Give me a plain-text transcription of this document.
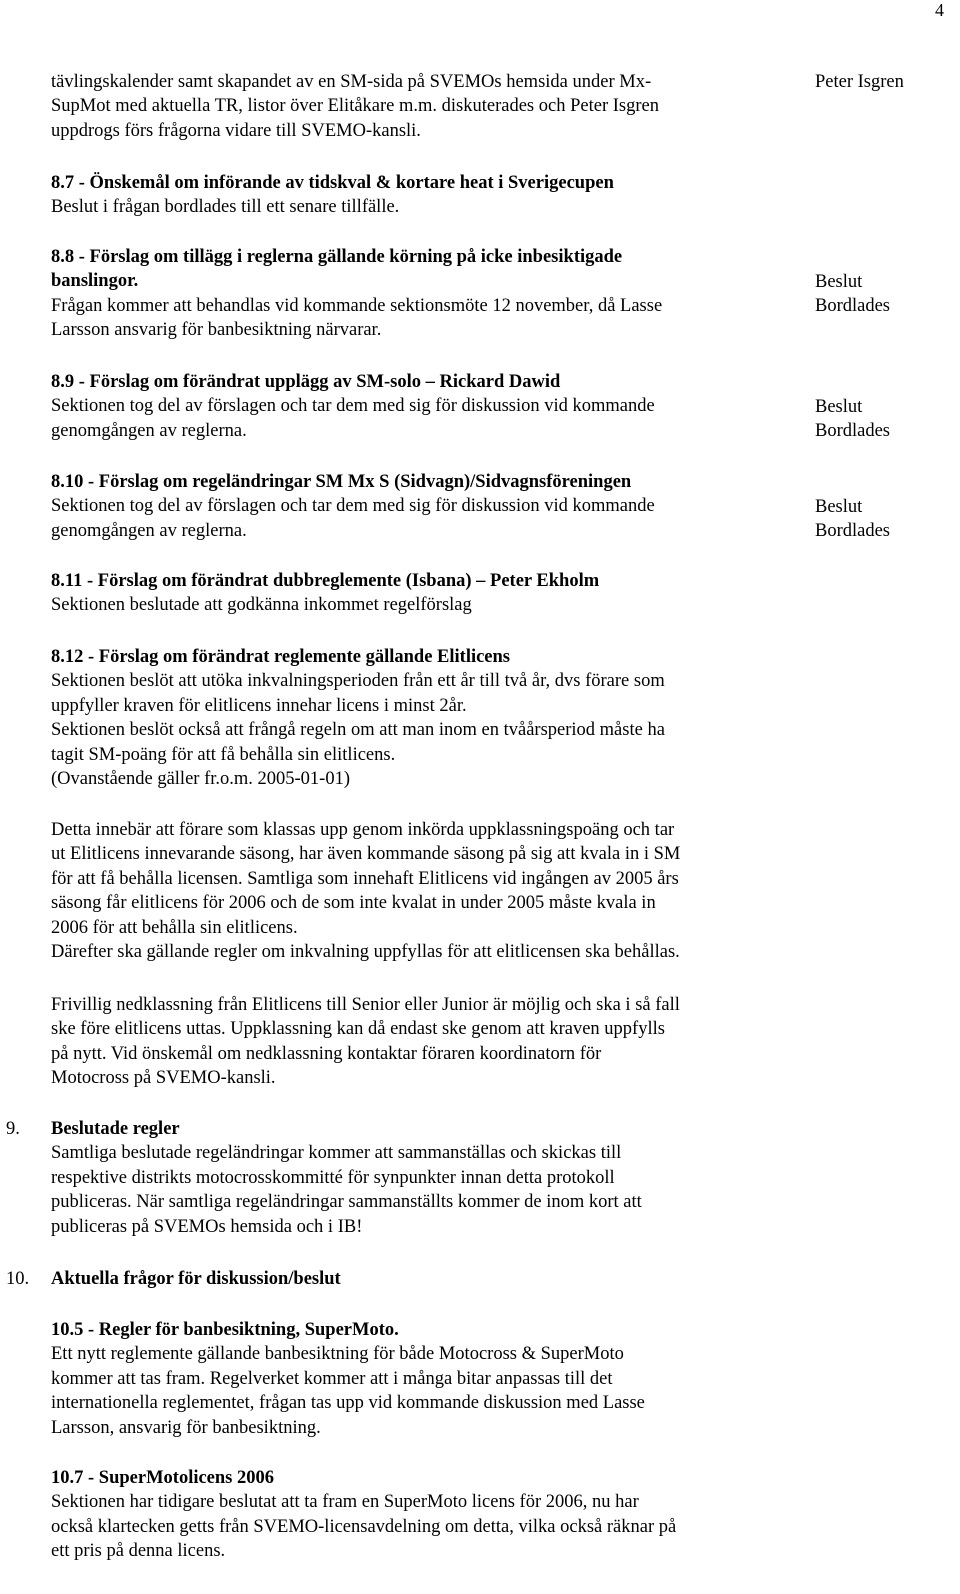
4

tävlingskalender samt skapandet av en SM-sida på SVEMOs hemsida under Mx-

SupMot med aktuella TR, listor över Elitåkare m.m. diskuterades och Peter Isgren

uppdrogs förs frågorna vidare till SVEMO-kansli.

Peter Isgren

8.7 - Önskemål om införande av tidskval & kortare heat i Sverigecupen

Beslut i frågan bordlades till ett senare tillfälle.

8.8 - Förslag om tillägg i reglerna gällande körning på icke inbesiktigade

banslingor.

Frågan kommer att behandlas vid kommande sektionsmöte 12 november, då Lasse

Larsson ansvarig för banbesiktning närvarar.

Beslut

Bordlades

8.9 - Förslag om förändrat upplägg av SM-solo – Rickard Dawid

Sektionen tog del av förslagen och tar dem med sig för diskussion vid kommande

genomgången av reglerna.

Beslut

Bordlades

8.10 - Förslag om regeländringar SM Mx S (Sidvagn)/Sidvagnsföreningen

Sektionen tog del av förslagen och tar dem med sig för diskussion vid kommande

genomgången av reglerna.

Beslut

Bordlades

8.11 - Förslag om förändrat dubbreglemente (Isbana) – Peter Ekholm

Sektionen beslutade att godkänna inkommet regelförslag

8.12 - Förslag om förändrat reglemente gällande Elitlicens

Sektionen beslöt att utöka inkvalningsperioden från ett år till två år, dvs förare som

uppfyller kraven för elitlicens innehar licens i minst 2år.

Sektionen beslöt också att frångå regeln om att man inom en tvåårsperiod måste ha

tagit SM-poäng för att få behålla sin elitlicens.

(Ovanstående gäller fr.o.m. 2005-01-01)

Detta innebär att förare som klassas upp genom inkörda uppklassningspoäng och tar

ut Elitlicens innevarande säsong, har även kommande säsong på sig att kvala in i SM

för att få behålla licensen. Samtliga som innehaft Elitlicens vid ingången av 2005 års

säsong får elitlicens för 2006 och de som inte kvalat in under 2005 måste kvala in

2006 för att behålla sin elitlicens.

Därefter ska gällande regler om inkvalning uppfyllas för att elitlicensen ska behållas.

Frivillig nedklassning från Elitlicens till Senior eller Junior är möjlig och ska i så fall

ske före elitlicens uttas. Uppklassning kan då endast ske genom att kraven uppfylls

på nytt. Vid önskemål om nedklassning kontaktar föraren koordinatorn för

Motocross på SVEMO-kansli.

9. Beslutade regler

Samtliga beslutade regeländringar kommer att sammanställas och skickas till

respektive distrikts motocrosskommitté för synpunkter innan detta protokoll

publiceras. När samtliga regeländringar sammanställts kommer de inom kort att

publiceras på SVEMOs hemsida och i IB!

10. Aktuella frågor för diskussion/beslut

10.5 - Regler för banbesiktning, SuperMoto.

Ett nytt reglemente gällande banbesiktning för både Motocross & SuperMoto

kommer att tas fram. Regelverket kommer att i många bitar anpassas till det

internationella reglementet, frågan tas upp vid kommande diskussion med Lasse

Larsson, ansvarig för banbesiktning.

10.7 - SuperMotolicens 2006

Sektionen har tidigare beslutat att ta fram en SuperMoto licens för 2006, nu har

också klartecken getts från SVEMO-licensavdelning om detta, vilka också räknar på

ett pris på denna licens.
